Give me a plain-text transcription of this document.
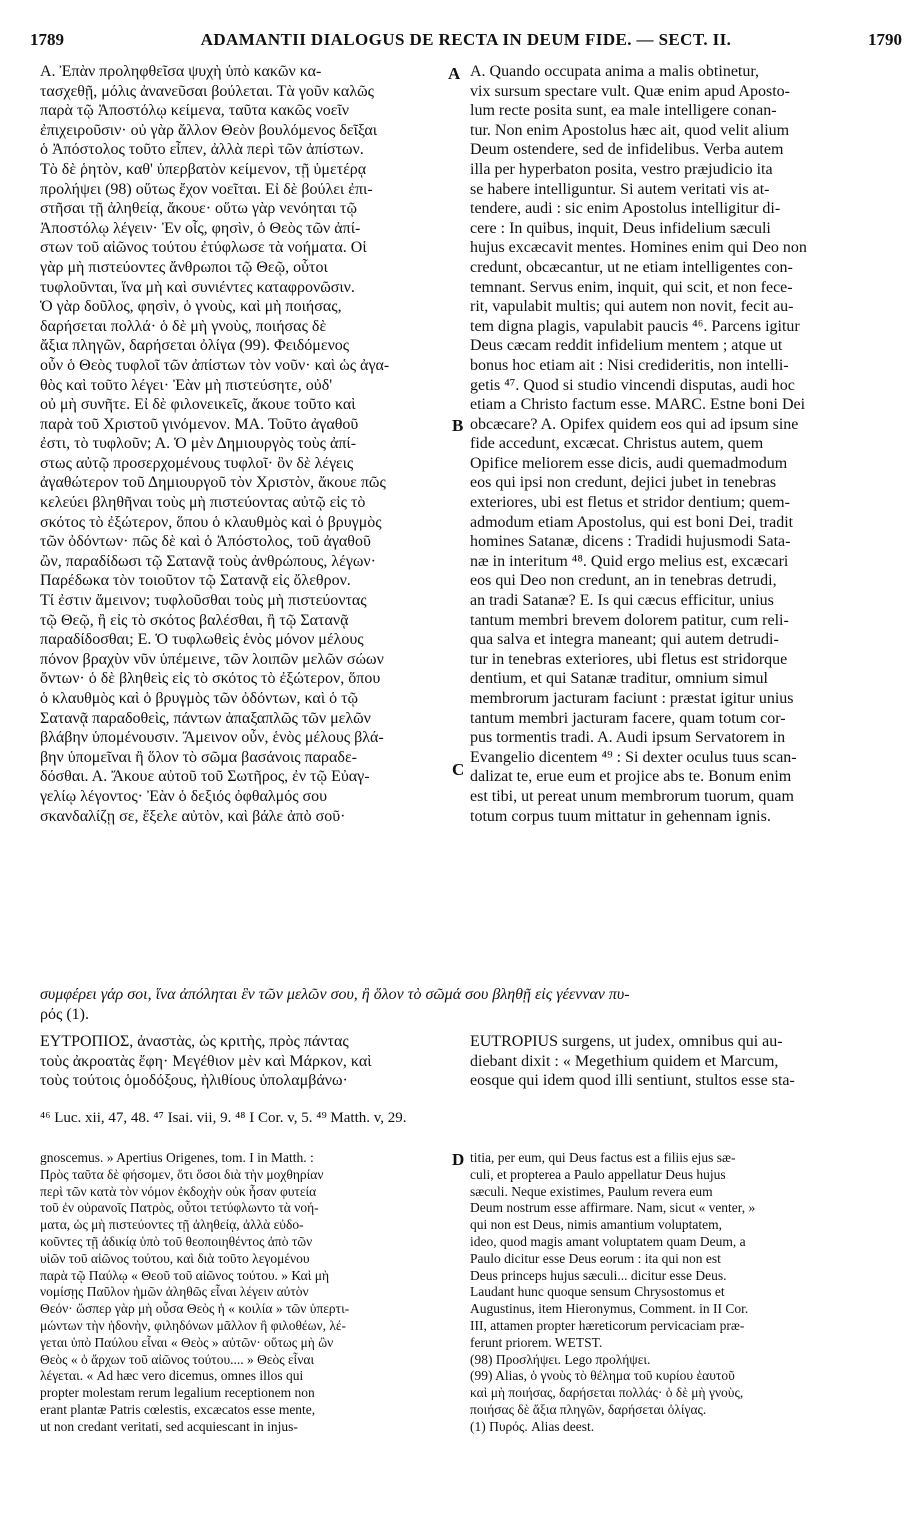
1789	ADAMANTII DIALOGUS DE RECTA IN DEUM FIDE. — SECT. II.	1790
A
B
C
D
Α. Ἐπὰν προληφθεῖσα ψυχὴ ὑπὸ κακῶν κα-
τασχεθῇ, μόλις ἀνανεῦσαι βούλεται. Τὰ γοῦν καλῶς
παρὰ τῷ Ἀποστόλῳ κείμενα, ταῦτα κακῶς νοεῖν
ἐπιχειροῦσιν· οὐ γὰρ ἄλλον Θεὸν βουλόμενος δεῖξαι
ὁ Ἀπόστολος τοῦτο εἶπεν, ἀλλὰ περὶ τῶν ἀπίστων.
Τὸ δὲ ῥητὸν, καθ' ὑπερβατὸν κείμενον, τῇ ὑμετέρᾳ
προλήψει (98) οὕτως ἔχον νοεῖται. Εἰ δὲ βούλει ἐπι-
στῆσαι τῇ ἀληθείᾳ, ἄκουε· οὕτω γὰρ νενόηται τῷ
Ἀποστόλῳ λέγειν· Ἐν οἷς, φησὶν, ὁ Θεὸς τῶν ἀπί-
στων τοῦ αἰῶνος τούτου ἐτύφλωσε τὰ νοήματα. Οἱ
γὰρ μὴ πιστεύοντες ἄνθρωποι τῷ Θεῷ, οὗτοι
τυφλοῦνται, ἵνα μὴ καὶ συνιέντες καταφρονῶσιν.
Ὁ γὰρ δοῦλος, φησὶν, ὁ γνοὺς, καὶ μὴ ποιήσας,
δαρήσεται πολλά· ὁ δὲ μὴ γνοὺς, ποιήσας δὲ
ἄξια πληγῶν, δαρήσεται ὀλίγα (99). Φειδόμενος
οὖν ὁ Θεὸς τυφλοῖ τῶν ἀπίστων τὸν νοῦν· καὶ ὡς ἀγα-
θὸς καὶ τοῦτο λέγει· Ἐὰν μὴ πιστεύσητε, οὐδ'
οὐ μὴ συνῆτε. Εἰ δὲ φιλονεικεῖς, ἄκουε τοῦτο καὶ
παρὰ τοῦ Χριστοῦ γινόμενον. ΜΑ. Τοῦτο ἀγαθοῦ
ἐστι, τὸ τυφλοῦν; Α. Ὁ μὲν Δημιουργὸς τοὺς ἀπί-
στως αὐτῷ προσερχομένους τυφλοῖ· ὃν δὲ λέγεις
ἀγαθώτερον τοῦ Δημιουργοῦ τὸν Χριστὸν, ἄκουε πῶς
κελεύει βληθῆναι τοὺς μὴ πιστεύοντας αὐτῷ εἰς τὸ
σκότος τὸ ἐξώτερον, ὅπου ὁ κλαυθμὸς καὶ ὁ βρυγμὸς
τῶν ὀδόντων· πῶς δὲ καὶ ὁ Ἀπόστολος, τοῦ ἀγαθοῦ
ὢν, παραδίδωσι τῷ Σατανᾷ τοὺς ἀνθρώπους, λέγων·
Παρέδωκα τὸν τοιοῦτον τῷ Σατανᾷ εἰς ὄλεθρον.
Τί ἐστιν ἄμεινον; τυφλοῦσθαι τοὺς μὴ πιστεύοντας
τῷ Θεῷ, ἢ εἰς τὸ σκότος βαλέσθαι, ἢ τῷ Σατανᾷ
παραδίδοσθαι; Ε. Ὁ τυφλωθεὶς ἑνὸς μόνον μέλους
πόνον βραχὺν νῦν ὑπέμεινε, τῶν λοιπῶν μελῶν σώων
ὄντων· ὁ δὲ βληθεὶς εἰς τὸ σκότος τὸ ἐξώτερον, ὅπου
ὁ κλαυθμὸς καὶ ὁ βρυγμὸς τῶν ὀδόντων, καὶ ὁ τῷ
Σατανᾷ παραδοθεὶς, πάντων ἀπαξαπλῶς τῶν μελῶν
βλάβην ὑπομένουσιν. Ἄμεινον οὖν, ἑνὸς μέλους βλά-
βην ὑπομεῖναι ἢ ὅλον τὸ σῶμα βασάνοις παραδε-
δόσθαι. Α. Ἄκουε αὐτοῦ τοῦ Σωτῆρος, ἐν τῷ Εὐαγ-
γελίῳ λέγοντος· Ἐὰν ὁ δεξιός ὀφθαλμός σου
σκανδαλίζῃ σε, ἔξελε αὐτὸν, καὶ βάλε ἀπὸ σοῦ·
A. Quando occupata anima a malis obtinetur,
vix sursum spectare vult. Quæ enim apud Aposto-
lum recte posita sunt, ea male intelligere conan-
tur. Non enim Apostolus hæc ait, quod velit alium
Deum ostendere, sed de infidelibus. Verba autem
illa per hyperbaton posita, vestro præjudicio ita
se habere intelliguntur. Si autem veritati vis at-
tendere, audi : sic enim Apostolus intelligitur di-
cere : In quibus, inquit, Deus infidelium sæculi
hujus excæcavit mentes. Homines enim qui Deo non
credunt, obcæcantur, ut ne etiam intelligentes con-
temnant. Servus enim, inquit, qui scit, et non fece-
rit, vapulabit multis; qui autem non novit, fecit au-
tem digna plagis, vapulabit paucis ⁴⁶. Parcens igitur
Deus cæcam reddit infidelium mentem ; atque ut
bonus hoc etiam ait : Nisi credideritis, non intelli-
getis ⁴⁷. Quod si studio vincendi disputas, audi hoc
etiam a Christo factum esse. MARC. Estne boni Dei
obcæcare? A. Opifex quidem eos qui ad ipsum sine
fide accedunt, excæcat. Christus autem, quem
Opifice meliorem esse dicis, audi quemadmodum
eos qui ipsi non credunt, dejici jubet in tenebras
exteriores, ubi est fletus et stridor dentium; quem-
admodum etiam Apostolus, qui est boni Dei, tradit
homines Satanæ, dicens : Tradidi hujusmodi Sata-
næ in interitum ⁴⁸. Quid ergo melius est, excæcari
eos qui Deo non credunt, an in tenebras detrudi,
an tradi Satanæ? E. Is qui cæcus efficitur, unius
tantum membri brevem dolorem patitur, cum reli-
qua salva et integra maneant; qui autem detrudi-
tur in tenebras exteriores, ubi fletus est stridorque
dentium, et qui Satanæ traditur, omnium simul
membrorum jacturam faciunt : præstat igitur unius
tantum membri jacturam facere, quam totum cor-
pus tormentis tradi. A. Audi ipsum Servatorem in
Evangelio dicentem ⁴⁹ : Si dexter oculus tuus scan-
dalizat te, erue eum et projice abs te. Bonum enim
est tibi, ut pereat unum membrorum tuorum, quam
totum corpus tuum mittatur in gehennam ignis.
συμφέρει γάρ σοι, ἵνα ἀπόληται ἓν τῶν μελῶν σου, ἢ ὅλον τὸ σῶμά σου βληθῇ εἰς γέενναν πυ-
ρός (1).
ΕΥΤΡΟΠΙΟΣ, ἀναστὰς, ὡς κριτὴς, πρὸς πάντας
τοὺς ἀκροατὰς ἔφη· Μεγέθιον μὲν καὶ Μάρκον, καὶ
τοὺς τούτοις ὁμοδόξους, ἠλιθίους ὑπολαμβάνω·
EUTROPIUS surgens, ut judex, omnibus qui au-
diebant dixit : « Megethium quidem et Marcum,
eosque qui idem quod illi sentiunt, stultos esse sta-
⁴⁶ Luc. xii, 47, 48. ⁴⁷ Isai. vii, 9. ⁴⁸ I Cor. v, 5. ⁴⁹ Matth. v, 29.
gnoscemus. » Apertius Origenes, tom. I in Matth. :
Πρὸς ταῦτα δὲ φήσομεν, ὅτι ὅσοι διὰ τὴν μοχθηρίαν
περὶ τῶν κατὰ τὸν νόμον ἐκδοχὴν οὐκ ἦσαν φυτεία
τοῦ ἐν οὐρανοῖς Πατρὸς, οὗτοι τετύφλωντο τὰ νοή-
ματα, ὡς μὴ πιστεύοντες τῇ ἀληθείᾳ, ἀλλὰ εὐδο-
κοῦντες τῇ ἀδικίᾳ ὑπὸ τοῦ θεοποιηθέντος ἀπὸ τῶν
υἱῶν τοῦ αἰῶνος τούτου, καὶ διὰ τοῦτο λεγομένου
παρὰ τῷ Παύλῳ « Θεοῦ τοῦ αἰῶνος τούτου. » Καὶ μὴ
νομίσῃς Παῦλον ἡμῶν ἀληθῶς εἶναι λέγειν αὐτὸν
Θεόν· ὥσπερ γὰρ μὴ οὖσα Θεὸς ἡ « κοιλία » τῶν ὑπερτι-
μώντων τὴν ἡδονὴν, φιληδόνων μᾶλλον ἢ φιλοθέων, λέ-
γεται ὑπὸ Παύλου εἶναι « Θεὸς » αὐτῶν· οὕτως μὴ ὢν
Θεὸς « ὁ ἄρχων τοῦ αἰῶνος τούτου.... » Θεὸς εἶναι
λέγεται. « Ad hæc vero dicemus, omnes illos qui
propter molestam rerum legalium receptionem non
erant plantæ Patris cœlestis, excæcatos esse mente,
ut non credant veritati, sed acquiescant in injus-
titia, per eum, qui Deus factus est a filiis ejus sæ-
culi, et propterea a Paulo appellatur Deus hujus
sæculi. Neque existimes, Paulum revera eum
Deum nostrum esse affirmare. Nam, sicut « venter, »
qui non est Deus, nimis amantium voluptatem,
ideo, quod magis amant voluptatem quam Deum, a
Paulo dicitur esse Deus eorum : ita qui non est
Deus princeps hujus sæculi... dicitur esse Deus.
Laudant hunc quoque sensum Chrysostomus et
Augustinus, item Hieronymus, Comment. in II Cor.
III, attamen propter hæreticorum pervicaciam præ-
ferunt priorem. WETST.
(98) Προσλήψει. Lego προλήψει.
(99) Alias, ὁ γνοὺς τὸ θέλημα τοῦ κυρίου ἑαυτοῦ
καὶ μὴ ποιήσας, δαρήσεται πολλάς· ὁ δὲ μὴ γνοὺς,
ποιήσας δὲ ἄξια πληγῶν, δαρήσεται ὀλίγας.
(1) Πυρός. Alias deest.
